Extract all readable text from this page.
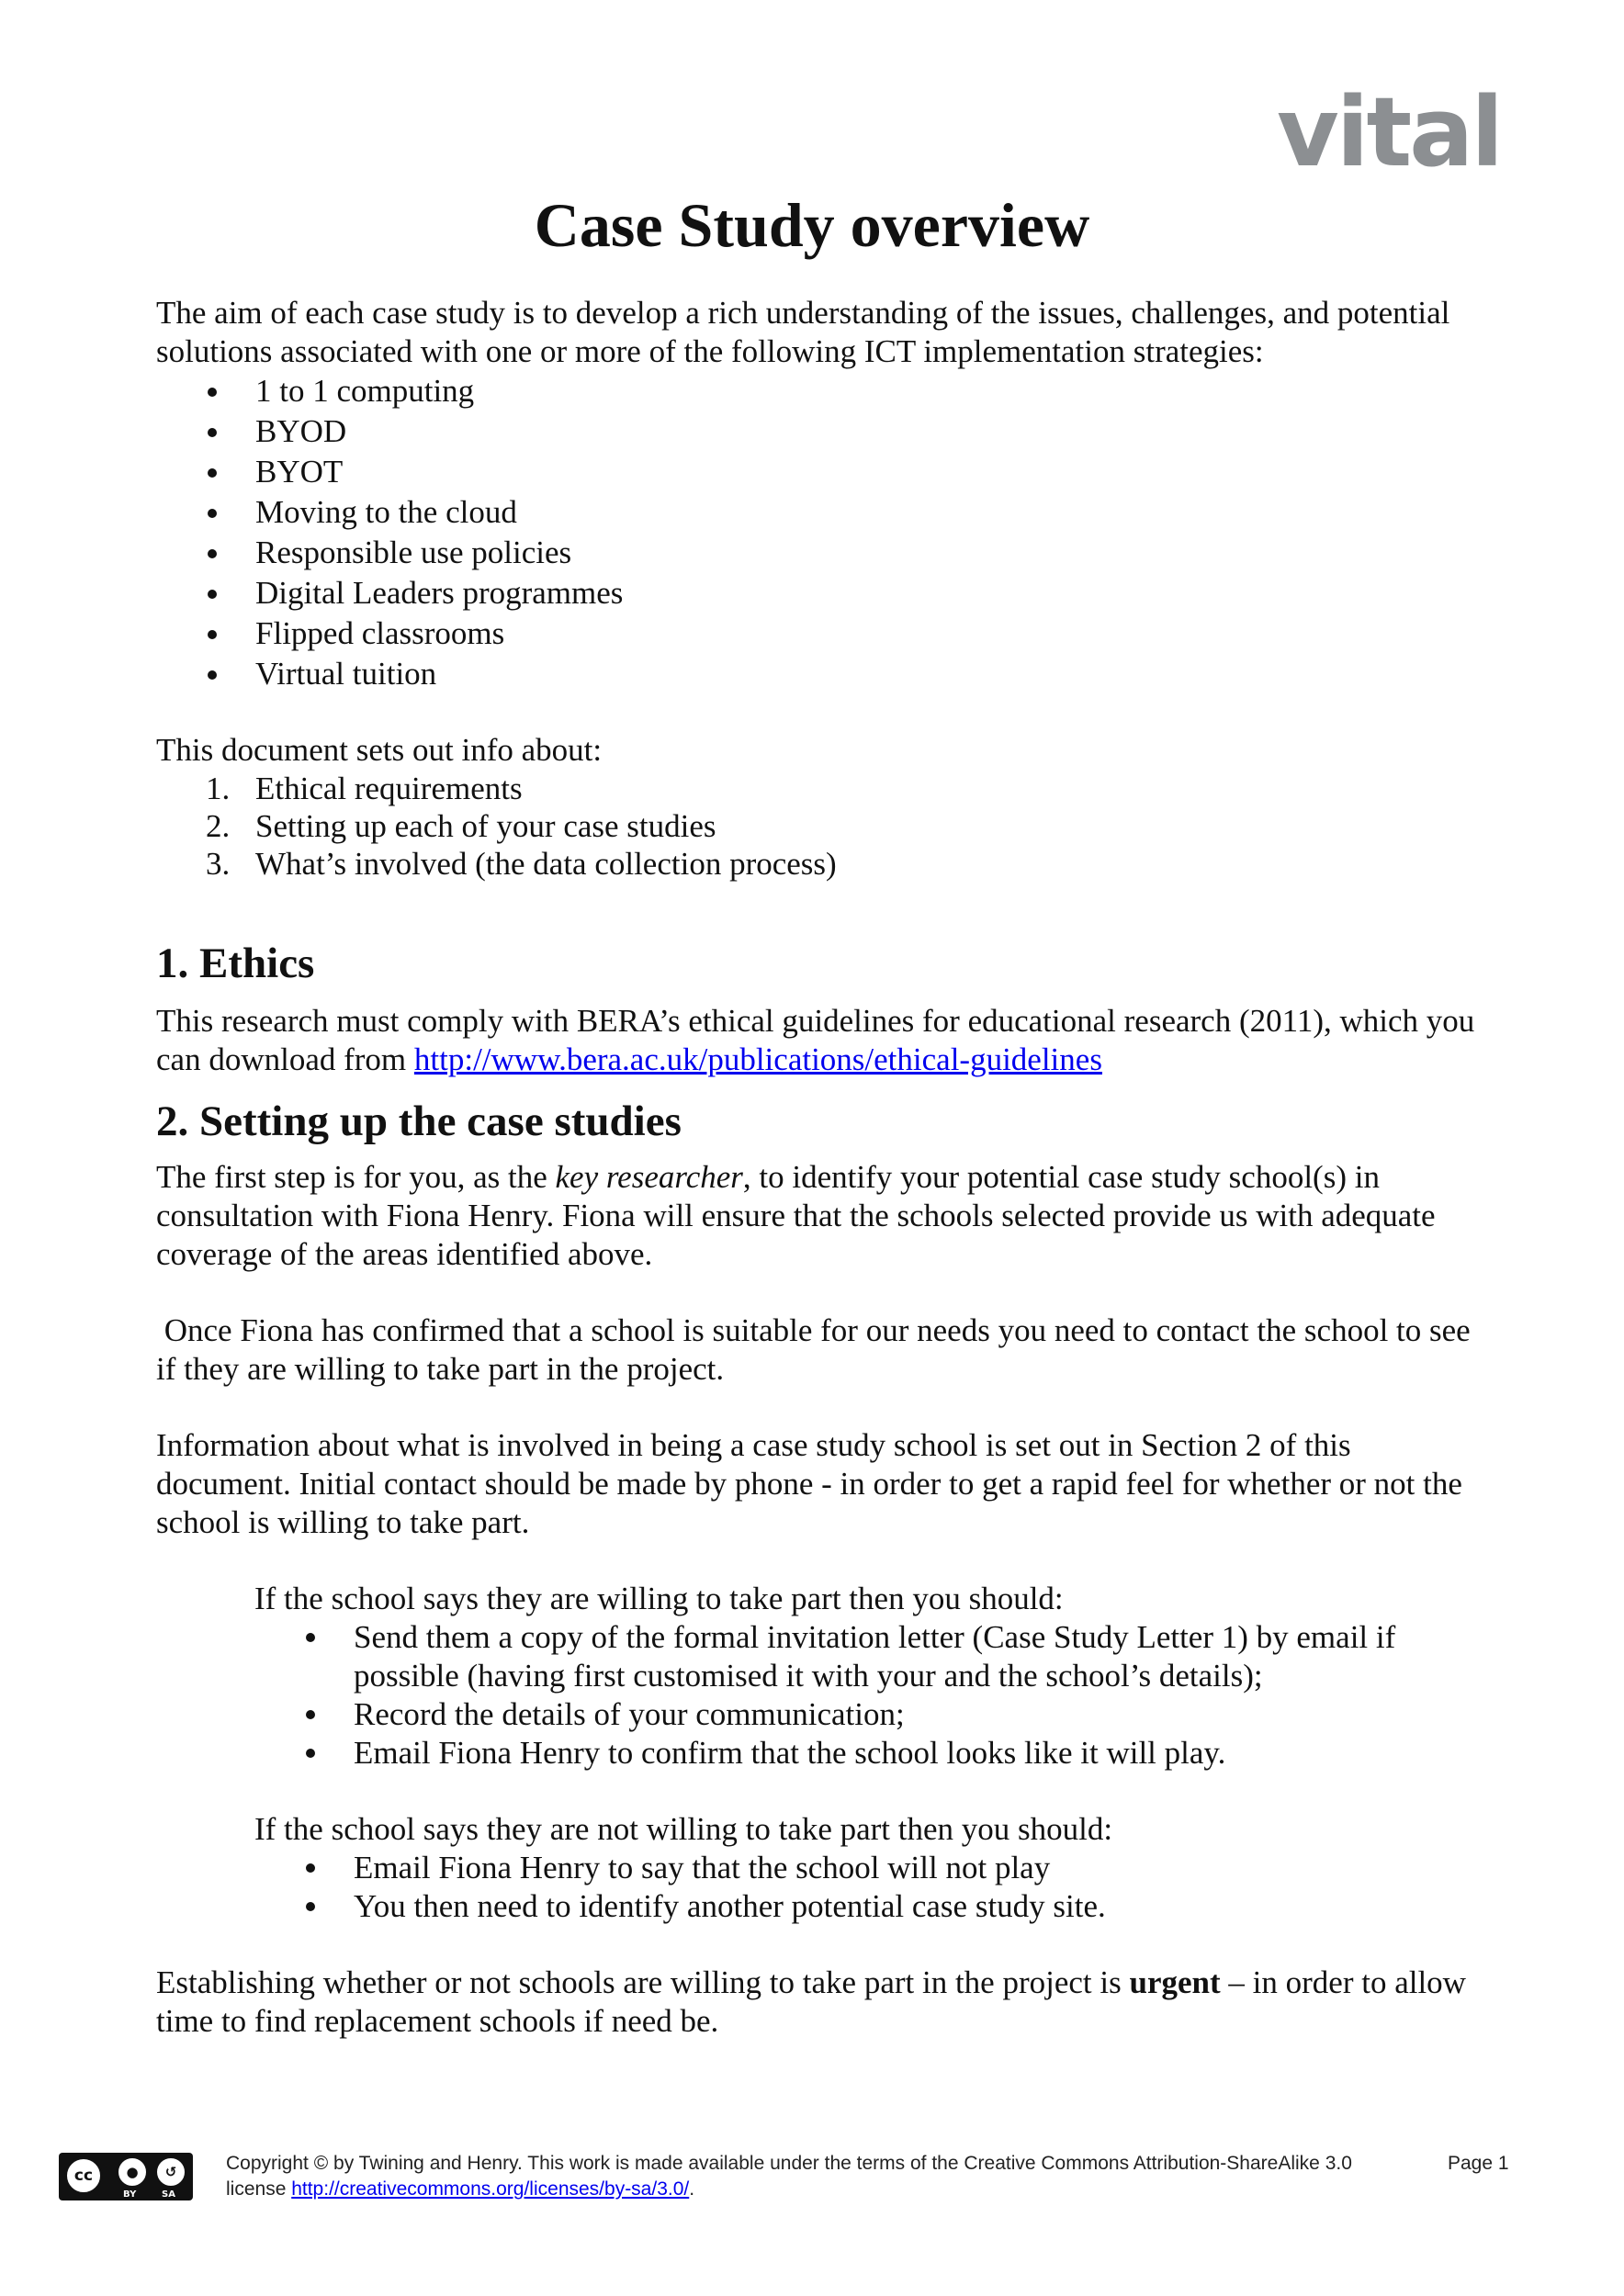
vital
Case Study overview

The aim of each case study is to develop a rich understanding of the issues, challenges, and potential solutions associated with one or more of the following ICT implementation strategies:

1 to 1 computing
BYOD
BYOT
Moving to the cloud
Responsible use policies
Digital Leaders programmes
Flipped classrooms
Virtual tuition

This document sets out info about:

1. Ethical requirements
2. Setting up each of your case studies
3. What’s involved (the data collection process)
1. Ethics

This research must comply with BERA’s ethical guidelines for educational research (2011), which you can download from http://www.bera.ac.uk/publications/ethical-guidelines

2. Setting up the case studies

The first step is for you, as the key researcher, to identify your potential case study school(s) in consultation with Fiona Henry. Fiona will ensure that the schools selected provide us with adequate coverage of the areas identified above.

Once Fiona has confirmed that a school is suitable for our needs you need to contact the school to see if they are willing to take part in the project.

Information about what is involved in being a case study school is set out in Section 2 of this document. Initial contact should be made by phone - in order to get a rapid feel for whether or not the school is willing to take part.

If the school says they are willing to take part then you should:

Send them a copy of the formal invitation letter (Case Study Letter 1) by email if possible (having first customised it with your and the school’s details);
Record the details of your communication;
Email Fiona Henry to confirm that the school looks like it will play.

If the school says they are not willing to take part then you should:

Email Fiona Henry to say that the school will not play
You then need to identify another potential case study site.

Establishing whether or not schools are willing to take part in the project is urgent – in order to allow time to find replacement schools if need be.

cc	●	↺
BY	SA
Copyright © by Twining and Henry. This work is made available under the terms of the Creative Commons Attribution-ShareAlike 3.0 license http://creativecommons.org/licenses/by-sa/3.0/.
Page 1
